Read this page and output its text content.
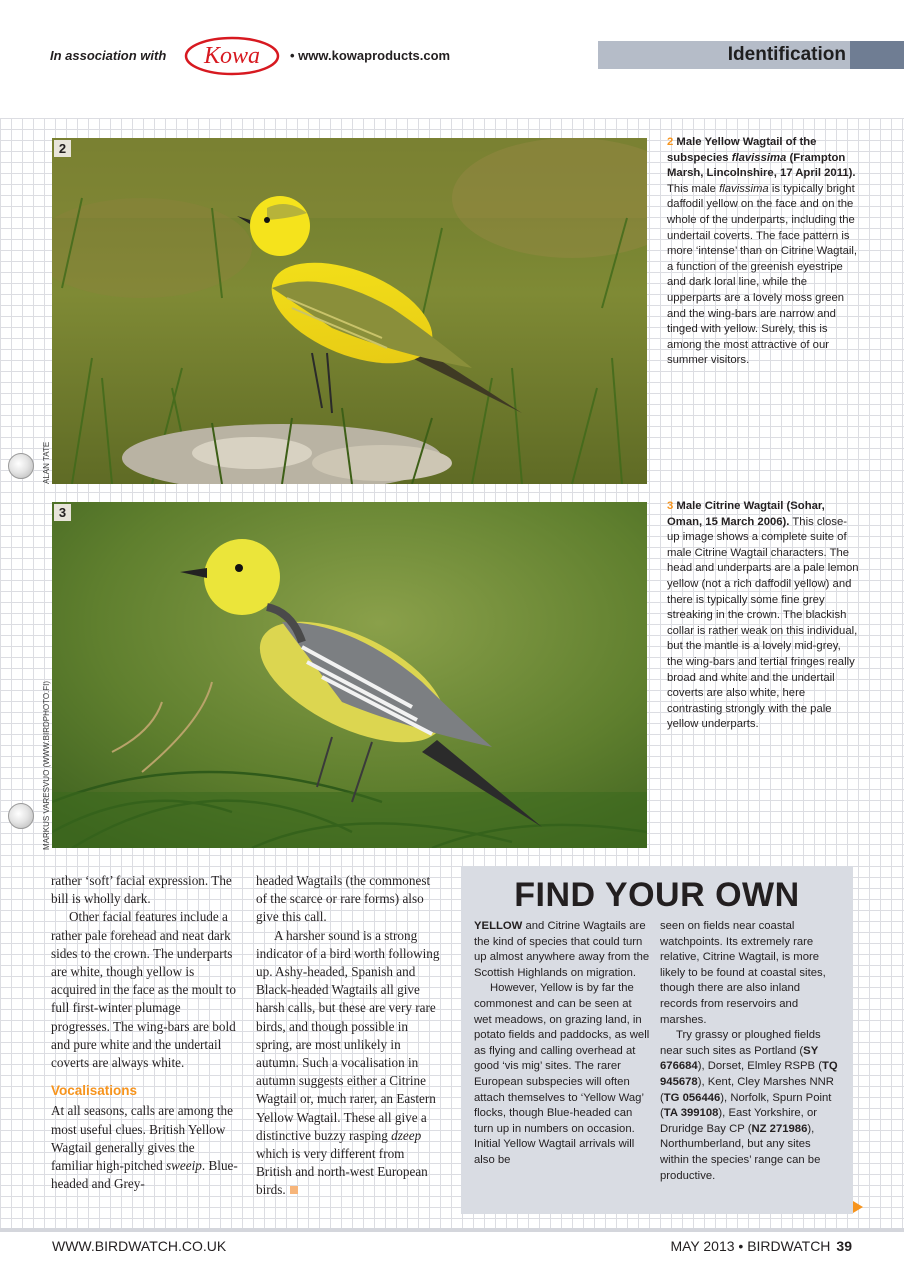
In association with Kowa • www.kowaproducts.com	Identification
2
ALAN TATE
3
MARKUS VARESVUO (WWW.BIRDPHOTO.FI)
2 Male Yellow Wagtail of the subspecies flavissima (Frampton Marsh, Lincolnshire, 17 April 2011). This male flavissima is typically bright daffodil yellow on the face and on the whole of the underparts, including the undertail coverts. The face pattern is more ‘intense’ than on Citrine Wagtail, a function of the greenish eyestripe and dark loral line, while the upperparts are a lovely moss green and the wing-bars are narrow and tinged with yellow. Surely, this is among the most attractive of our summer visitors.
3 Male Citrine Wagtail (Sohar, Oman, 15 March 2006). This close-up image shows a complete suite of male Citrine Wagtail characters. The head and underparts are a pale lemon yellow (not a rich daffodil yellow) and there is typically some fine grey streaking in the crown. The blackish collar is rather weak on this individual, but the mantle is a lovely mid-grey, the wing-bars and tertial fringes really broad and white and the undertail coverts are also white, here contrasting strongly with the pale yellow underparts.

rather ‘soft’ facial expression. The bill is wholly dark.

Other facial features include a rather pale forehead and neat dark sides to the crown. The underparts are white, though yellow is acquired in the face as the moult to full first-winter plumage progresses. The wing-bars are bold and pure white and the undertail coverts are always white.

Vocalisations

At all seasons, calls are among the most useful clues. British Yellow Wagtail generally gives the familiar high-pitched sweeip. Blue-headed and Grey-

headed Wagtails (the commonest of the scarce or rare forms) also give this call.

A harsher sound is a strong indicator of a bird worth following up. Ashy-headed, Spanish and Black-headed Wagtails all give harsh calls, but these are very rare birds, and though possible in spring, are most unlikely in autumn. Such a vocalisation in autumn suggests either a Citrine Wagtail or, much rarer, an Eastern Yellow Wagtail. These all give a distinctive buzzy rasping dzeep which is very different from British and north-west European birds.

FIND YOUR OWN

YELLOW and Citrine Wagtails are the kind of species that could turn up almost anywhere away from the Scottish Highlands on migration.

However, Yellow is by far the commonest and can be seen at wet meadows, on grazing land, in potato fields and paddocks, as well as flying and calling overhead at good ‘vis mig’ sites. The rarer European subspecies will often attach themselves to ‘Yellow Wag’ flocks, though Blue-headed can turn up in numbers on occasion. Initial Yellow Wagtail arrivals will also be

seen on fields near coastal watchpoints. Its extremely rare relative, Citrine Wagtail, is more likely to be found at coastal sites, though there are also inland records from reservoirs and marshes.

Try grassy or ploughed fields near such sites as Portland (SY 676684), Dorset, Elmley RSPB (TQ 945678), Kent, Cley Marshes NNR (TG 056446), Norfolk, Spurn Point (TA 399108), East Yorkshire, or Druridge Bay CP (NZ 271986), Northumberland, but any sites within the species’ range can be productive.

WWW.BIRDWATCH.CO.UK	MAY 2013 • BIRDWATCH 39
